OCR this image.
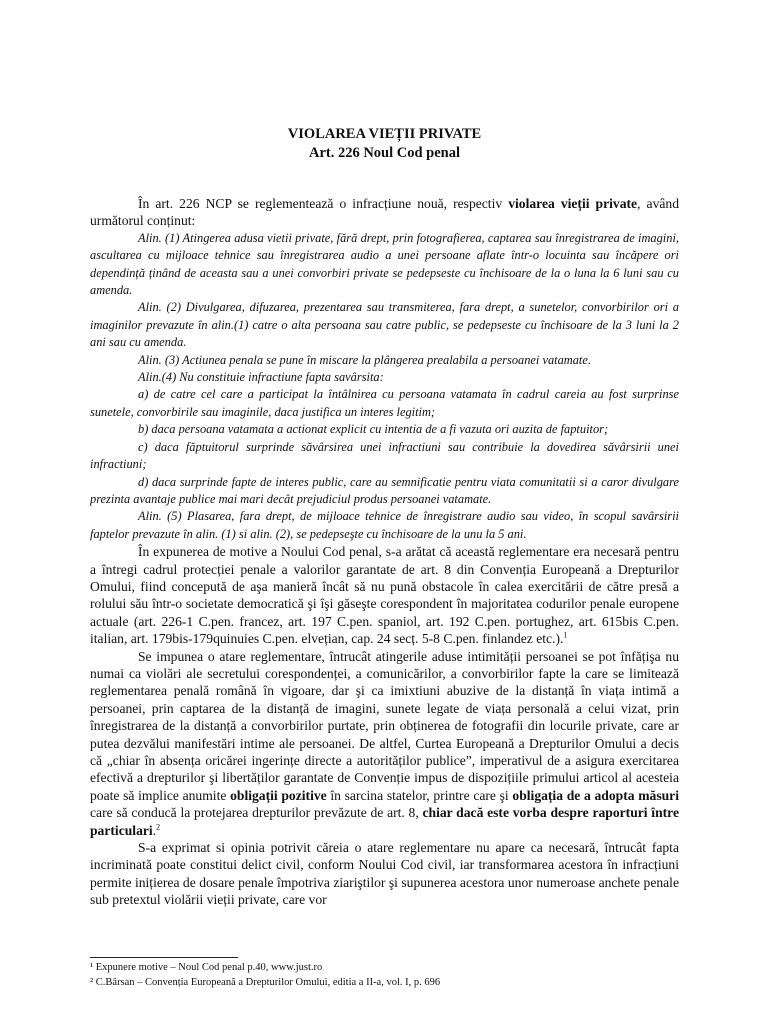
VIOLAREA VIEȚII PRIVATE
Art. 226 Noul Cod penal

În art. 226 NCP se reglementează o infracțiune nouă, respectiv violarea vieții private, având următorul conținut:

Alin. (1) Atingerea adusa vietii private, fără drept, prin fotografierea, captarea sau înregistrarea de imagini, ascultarea cu mijloace tehnice sau înregistrarea audio a unei persoane aflate într-o locuinta sau încăpere ori dependință ținând de aceasta sau a unei convorbiri private se pedepseste cu închisoare de la o luna la 6 luni sau cu amenda.

Alin. (2) Divulgarea, difuzarea, prezentarea sau transmiterea, fara drept, a sunetelor, convorbirilor ori a imaginilor prevazute în alin.(1) catre o alta persoana sau catre public, se pedepseste cu închisoare de la 3 luni la 2 ani sau cu amenda.

Alin. (3) Actiunea penala se pune în miscare la plângerea prealabila a persoanei vatamate.

Alin.(4) Nu constituie infractiune fapta savârsita:

a) de catre cel care a participat la întâlnirea cu persoana vatamata în cadrul careia au fost surprinse sunetele, convorbirile sau imaginile, daca justifica un interes legitim;

b) daca persoana vatamata a actionat explicit cu intentia de a fi vazuta ori auzita de faptuitor;

c) daca făptuitorul surprinde săvârsirea unei infractiuni sau contribuie la dovedirea săvârsirii unei infractiuni;

d) daca surprinde fapte de interes public, care au semnificatie pentru viata comunitatii si a caror divulgare prezinta avantaje publice mai mari decât prejudiciul produs persoanei vatamate.

Alin. (5) Plasarea, fara drept, de mijloace tehnice de înregistrare audio sau video, în scopul savârsirii faptelor prevazute în alin. (1) si alin. (2), se pedepseşte cu închisoare de la unu la 5 ani.

În expunerea de motive a Noului Cod penal, s-a arătat că această reglementare era necesară pentru a întregi cadrul protecției penale a valorilor garantate de art. 8 din Convenția Europeană a Drepturilor Omului, fiind concepută de aşa manieră încât să nu pună obstacole în calea exercitării de către presă a rolului său într-o societate democratică şi îşi găseşte corespondent în majoritatea codurilor penale europene actuale (art. 226-1 C.pen. francez, art. 197 C.pen. spaniol, art. 192 C.pen. portughez, art. 615bis C.pen. italian, art. 179bis-179quinuies C.pen. elvețian, cap. 24 secț. 5-8 C.pen. finlandez etc.).$^1$

Se impunea o atare reglementare, întrucât atingerile aduse intimității persoanei se pot înfățişa nu numai ca violări ale secretului corespondenței, a comunicărilor, a convorbirilor fapte la care se limitează reglementarea penală română în vigoare, dar şi ca imixtiuni abuzive de la distanță în viața intimă a persoanei, prin captarea de la distanță de imagini, sunete legate de viața personală a celui vizat, prin înregistrarea de la distanță a convorbirilor purtate, prin obținerea de fotografii din locurile private, care ar putea dezvălui manifestări intime ale persoanei. De altfel, Curtea Europeană a Drepturilor Omului a decis că „chiar în absența oricărei ingerințe directe a autorităților publice”, imperativul de a asigura exercitarea efectivă a drepturilor şi libertăților garantate de Convenție impus de dispozițiile primului articol al acesteia poate să implice anumite obligații pozitive în sarcina statelor, printre care şi obligația de a adopta măsuri care să conducă la protejarea drepturilor prevăzute de art. 8, chiar dacă este vorba despre raporturi între particulari.$^2$

S-a exprimat si opinia potrivit căreia o atare reglementare nu apare ca necesară, întrucât fapta incriminată poate constitui delict civil, conform Noului Cod civil, iar transformarea acestora în infracțiuni permite inițierea de dosare penale împotriva ziariştilor şi supunerea acestora unor numeroase anchete penale sub pretextul violării vieții private, care vor

¹ Expunere motive – Noul Cod penal p.40, www.just.ro
² C.Bârsan – Convenția Europeană a Drepturilor Omului, editia a II-a, vol. I, p. 696
